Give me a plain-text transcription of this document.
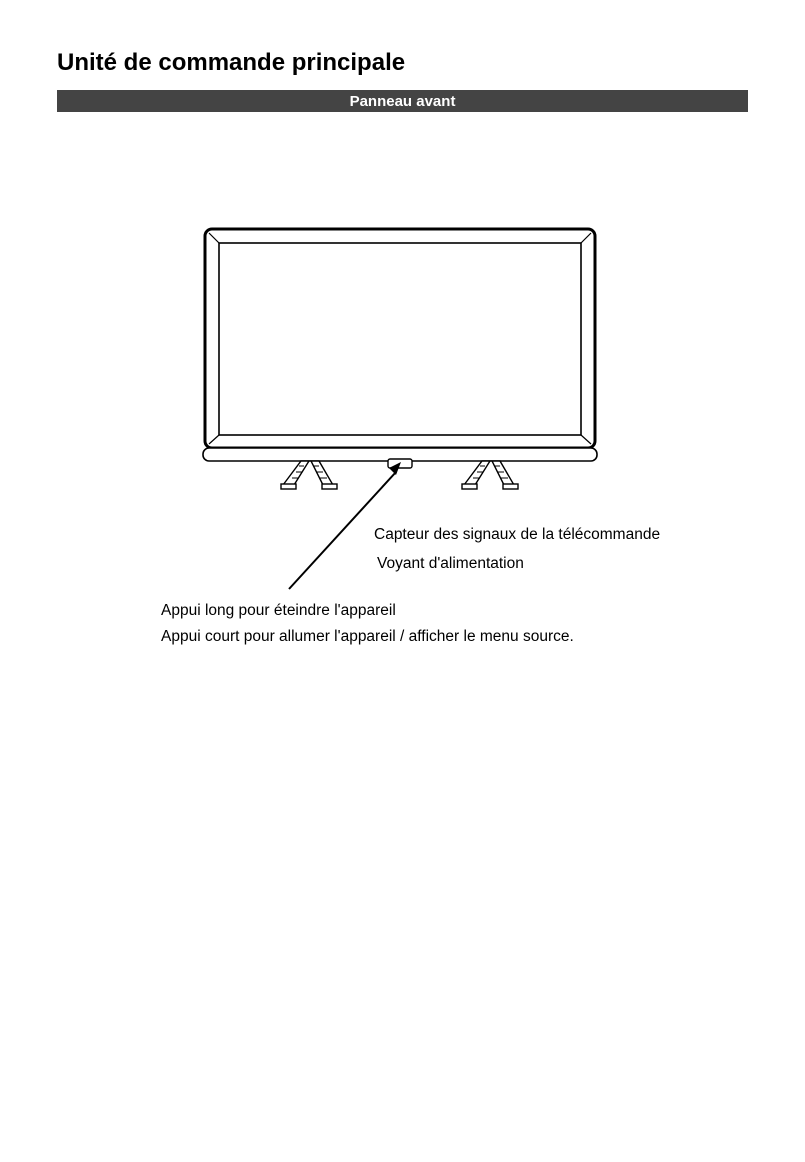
Unité de commande principale
Panneau avant
Capteur des signaux de la télécommande
Voyant d'alimentation
Appui long pour éteindre l'appareil
Appui court pour allumer l'appareil / afficher le menu source.
